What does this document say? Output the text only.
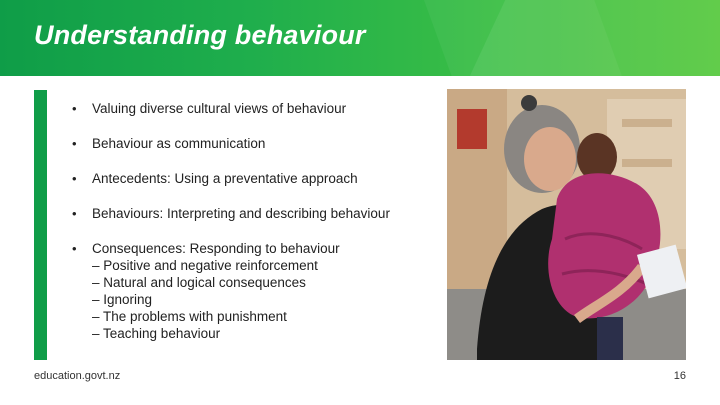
Understanding behaviour
• Valuing diverse cultural views of behaviour
• Behaviour as communication
• Antecedents: Using a preventative approach
• Behaviours: Interpreting and describing behaviour
• Consequences: Responding to behaviour
– Positive and negative reinforcement
– Natural and logical consequences
– Ignoring
– The problems with punishment
– Teaching behaviour
education.govt.nz	16
